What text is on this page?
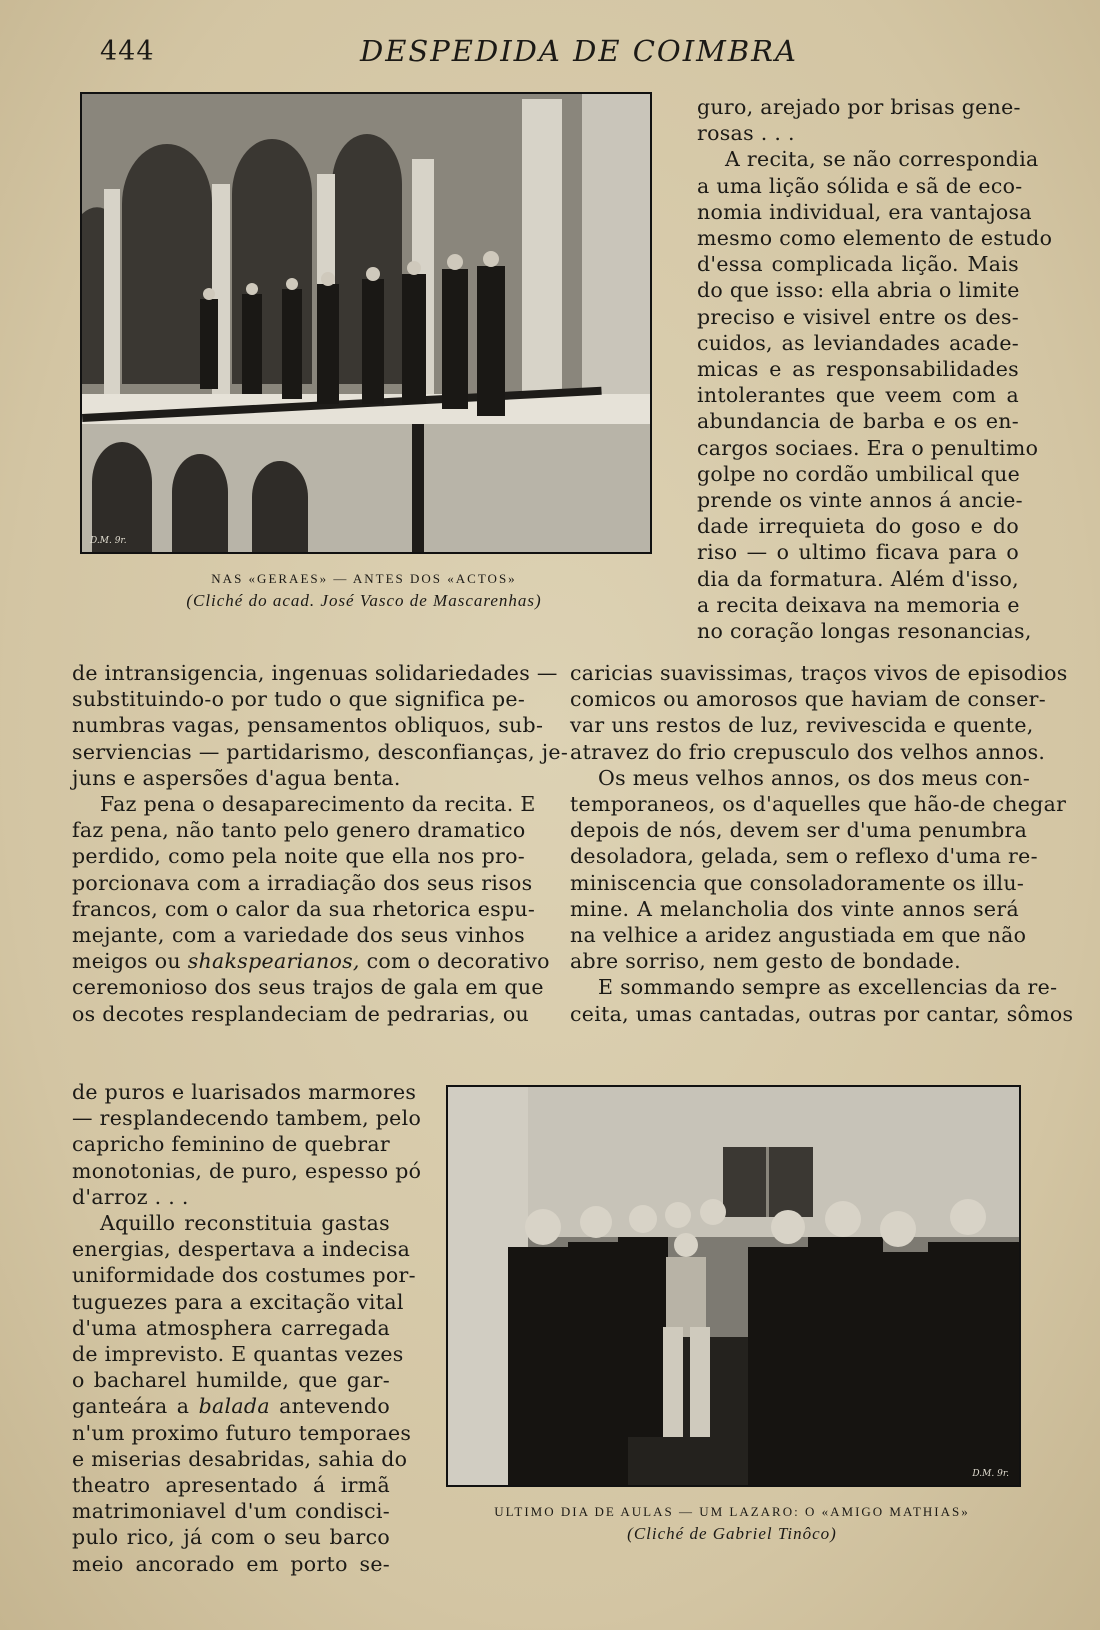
444	DESPEDIDA DE COIMBRA
D.M. 9r.
NAS «GERAES» — ANTES DOS «ACTOS»
(Cliché do acad. José Vasco de Mascarenhas)
guro, arejado por brisas gene-
rosas . . .
A recita, se não correspondia
a uma lição sólida e sã de eco-
nomia individual, era vantajosa
mesmo como elemento de estudo
d'essa complicada lição. Mais
do que isso: ella abria o limite
preciso e visivel entre os des-
cuidos, as leviandades acade-
micas e as responsabilidades
intolerantes que veem com a
abundancia de barba e os en-
cargos sociaes. Era o penultimo
golpe no cordão umbilical que
prende os vinte annos á ancie-
dade irrequieta do goso e do
riso — o ultimo ficava para o
dia da formatura. Além d'isso,
a recita deixava na memoria e
no coração longas resonancias,
caricias suavissimas, traços vivos de episodios
comicos ou amorosos que haviam de conser-
var uns restos de luz, revivescida e quente,
atravez do frio crepusculo dos velhos annos.
Os meus velhos annos, os dos meus con-
temporaneos, os d'aquelles que hão-de chegar
depois de nós, devem ser d'uma penumbra
desoladora, gelada, sem o reflexo d'uma re-
miniscencia que consoladoramente os illu-
mine. A melancholia dos vinte annos será
na velhice a aridez angustiada em que não
abre sorriso, nem gesto de bondade.
E sommando sempre as excellencias da re-
ceita, umas cantadas, outras por cantar, sômos
de intransigencia, ingenuas solidariedades —
substituindo-o por tudo o que significa pe-
numbras vagas, pensamentos obliquos, sub-
serviencias — partidarismo, desconfianças, je-
juns e aspersões d'agua benta.
Faz pena o desaparecimento da recita. E
faz pena, não tanto pelo genero dramatico
perdido, como pela noite que ella nos pro-
porcionava com a irradiação dos seus risos
francos, com o calor da sua rhetorica espu-
mejante, com a variedade dos seus vinhos
meigos ou shakspearianos, com o decorativo
ceremonioso dos seus trajos de gala em que
os decotes resplandeciam de pedrarias, ou
de puros e luarisados marmores
— resplandecendo tambem, pelo
capricho feminino de quebrar
monotonias, de puro, espesso pó
d'arroz . . .
Aquillo reconstituia gastas
energias, despertava a indecisa
uniformidade dos costumes por-
tuguezes para a excitação vital
d'uma atmosphera carregada
de imprevisto. E quantas vezes
o bacharel humilde, que gar-
ganteára a balada antevendo
n'um proximo futuro temporaes
e miserias desabridas, sahia do
theatro apresentado á irmã
matrimoniavel d'um condisci-
pulo rico, já com o seu barco
meio ancorado em porto se-
D.M. 9r.
ULTIMO DIA DE AULAS — UM LAZARO: O «AMIGO MATHIAS»
(Cliché de Gabriel Tinôco)
